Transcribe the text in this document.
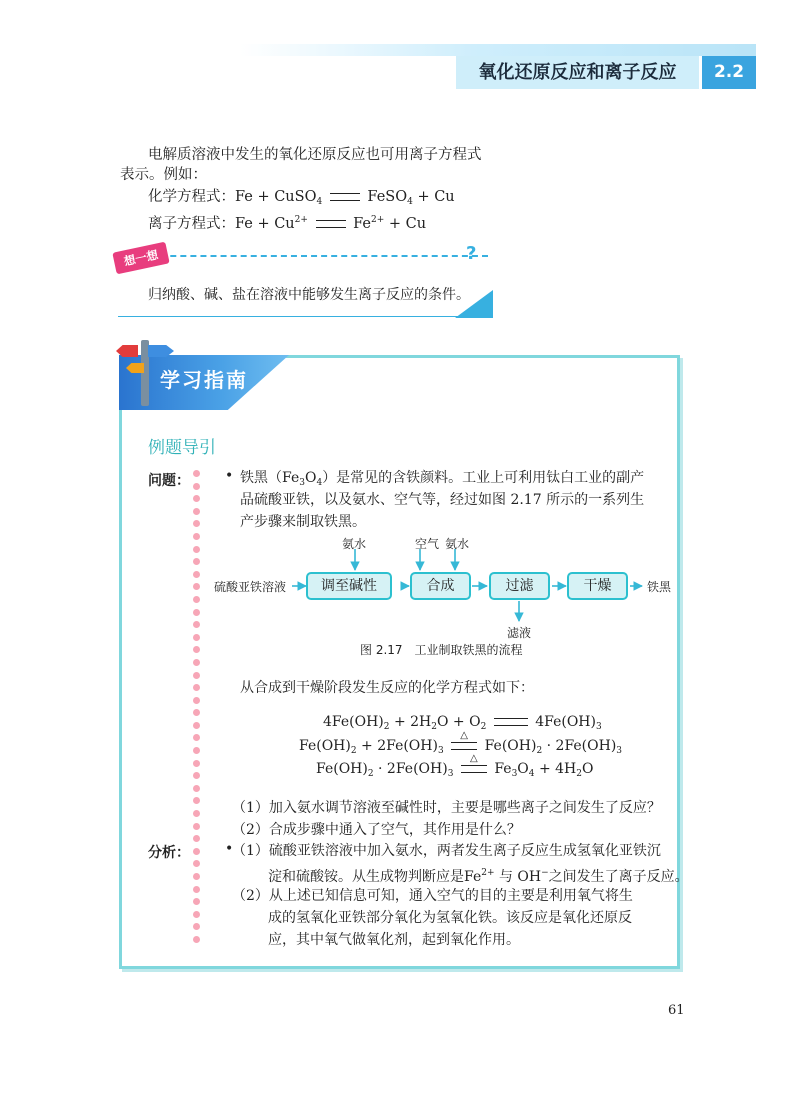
氧化还原反应和离子反应	2.2
电解质溶液中发生的氧化还原反应也可用离子方程式
表示。例如：
化学方程式：Fe + CuSO$_4$	FeSO$_4$ + Cu
离子方程式：$Fe + Cu^{2+}$	$Fe^{2+} + Cu$
想一想	?
归纳酸、碱、盐在溶液中能够发生离子反应的条件。
学习指南
例题导引
问题：	• 铁黑$(Fe_3O_4)$是常见的含铁颜料。工业上可利用钛白工业的副产
品硫酸亚铁，以及氨水、空气等，经过如图 2.17 所示的一系列生
产步骤来制取铁黑。
硫酸亚铁溶液	调至碱性	合成	过滤	干燥	铁黑
氨水	空气 氨水
滤液
图 2.17　工业制取铁黑的流程
从合成到干燥阶段发生反应的化学方程式如下：
$4Fe(OH)_2 + 2H_2O + O_2$	$4Fe(OH)_3$
$Fe(OH)_2 + 2Fe(OH)_3$
△
$Fe(OH)_2 \cdot 2Fe(OH)_3$
$Fe(OH)_2 \cdot 2Fe(OH)_3$
△
$Fe_3O_4 + 4H_2O$
（1）加入氨水调节溶液至碱性时，主要是哪些离子之间发生了反应？
（2）合成步骤中通入了空气，其作用是什么？
分析：	•
（1）硫酸亚铁溶液中加入氨水，两者发生离子反应生成氢氧化亚铁沉
淀和硫酸铵。从生成物判断应是$Fe^{2+}$ 与 OH−之间发生了离子反应。
（2）从上述已知信息可知，通入空气的目的主要是利用氧气将生
成的氢氧化亚铁部分氧化为氢氧化铁。该反应是氧化还原反
应，其中氧气做氧化剂，起到氧化作用。
61
